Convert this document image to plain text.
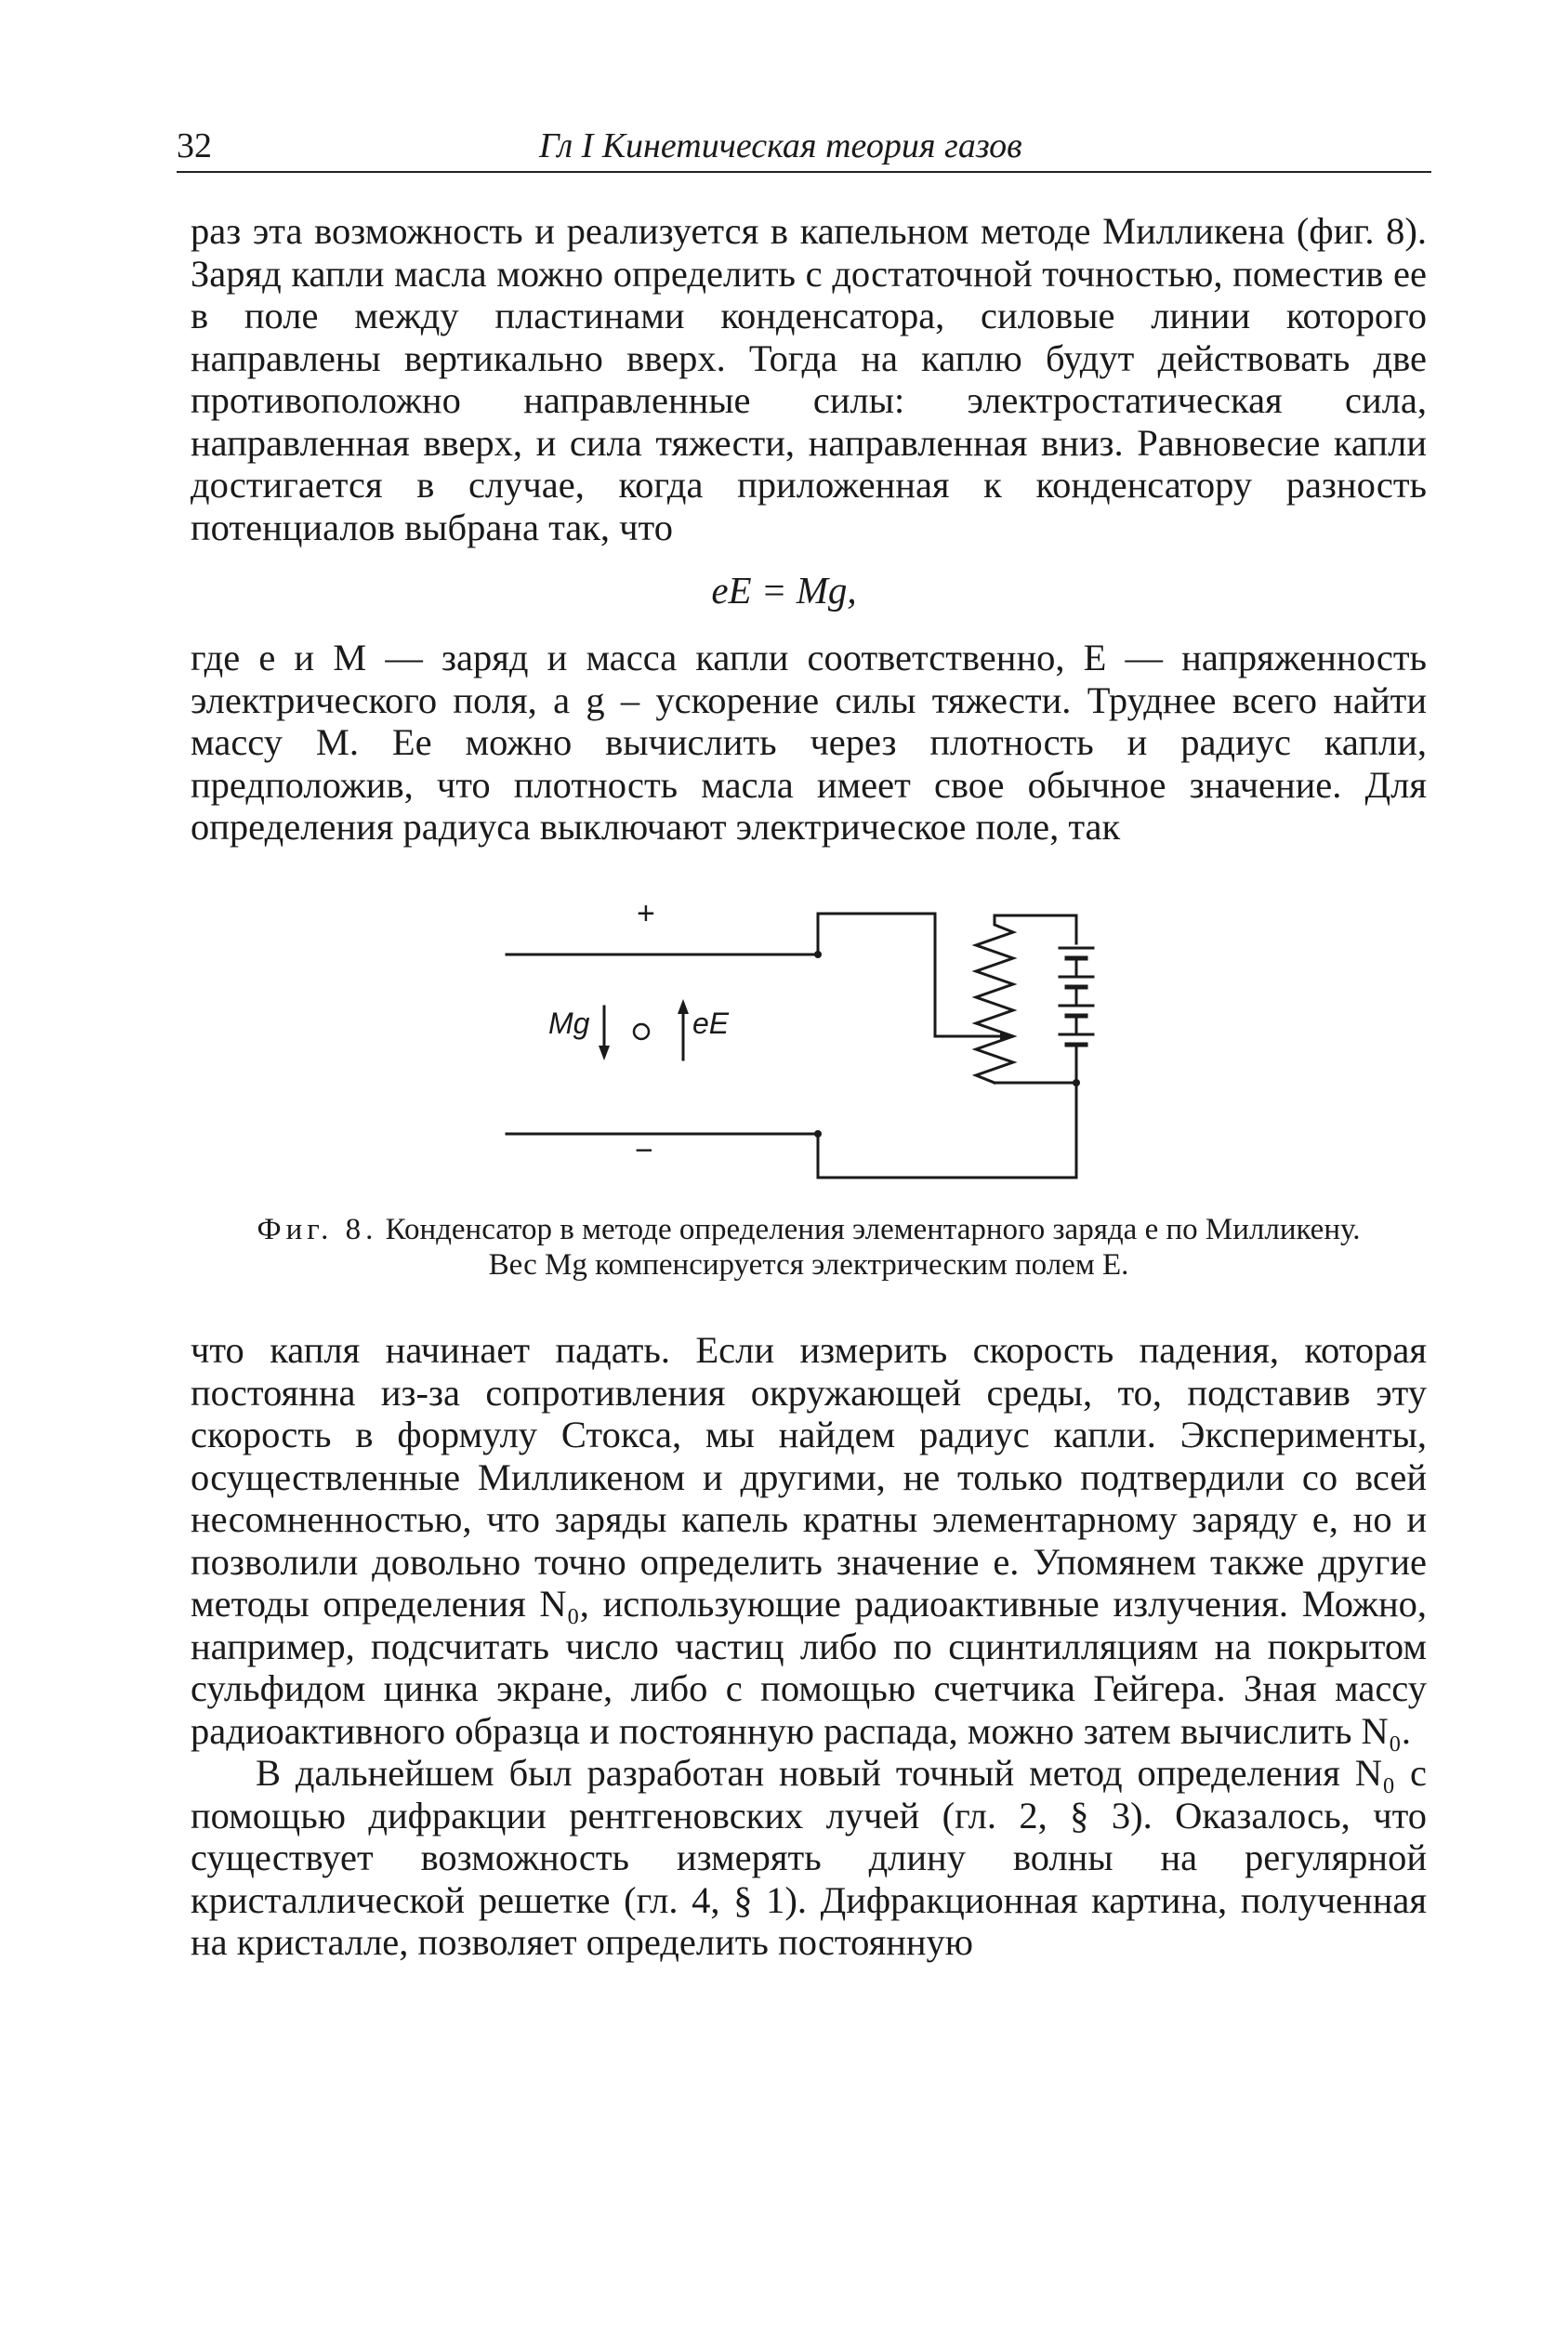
32	Гл I Кинетическая теория газов

раз эта возможность и реализуется в капельном методе Милликена (фиг. 8). Заряд капли масла можно определить с достаточной точностью, поместив ее в поле между пластинами конденсатора, силовые линии которого направлены вертикально вверх. Тогда на каплю будут действовать две противоположно направленные силы: электростатическая сила, направленная вверх, и сила тяжести, направленная вниз. Равновесие капли достигается в случае, когда приложенная к конденсатору разность потенциалов выбрана так, что

eE = Mg,

где e и M — заряд и масса капли соответственно, E — напряженность электрического поля, а g – ускорение силы тяжести. Труднее всего найти массу M. Ее можно вычислить через плотность и радиус капли, предположив, что плотность масла имеет свое обычное значение. Для определения радиуса выключают электрическое поле, так

+
−
Mg	eE
Фиг. 8. Конденсатор в методе определения элементарного заряда e по Милликену.
Вес Mg компенсируется электрическим полем E.

что капля начинает падать. Если измерить скорость падения, которая постоянна из-за сопротивления окружающей среды, то, подставив эту скорость в формулу Стокса, мы найдем радиус капли. Эксперименты, осуществленные Милликеном и другими, не только подтвердили со всей несомненностью, что заряды капель кратны элементарному заряду e, но и позволили довольно точно определить значение e. Упомянем также другие методы определения N₀, использующие радиоактивные излучения. Можно, например, подсчитать число частиц либо по сцинтилляциям на покрытом сульфидом цинка экране, либо с помощью счетчика Гейгера. Зная массу радиоактивного образца и постоянную распада, можно затем вычислить N₀.

В дальнейшем был разработан новый точный метод определения N₀ с помощью дифракции рентгеновских лучей (гл. 2, § 3). Оказалось, что существует возможность измерять длину волны на регулярной кристаллической решетке (гл. 4, § 1). Дифракционная картина, полученная на кристалле, позволяет определить постоянную
